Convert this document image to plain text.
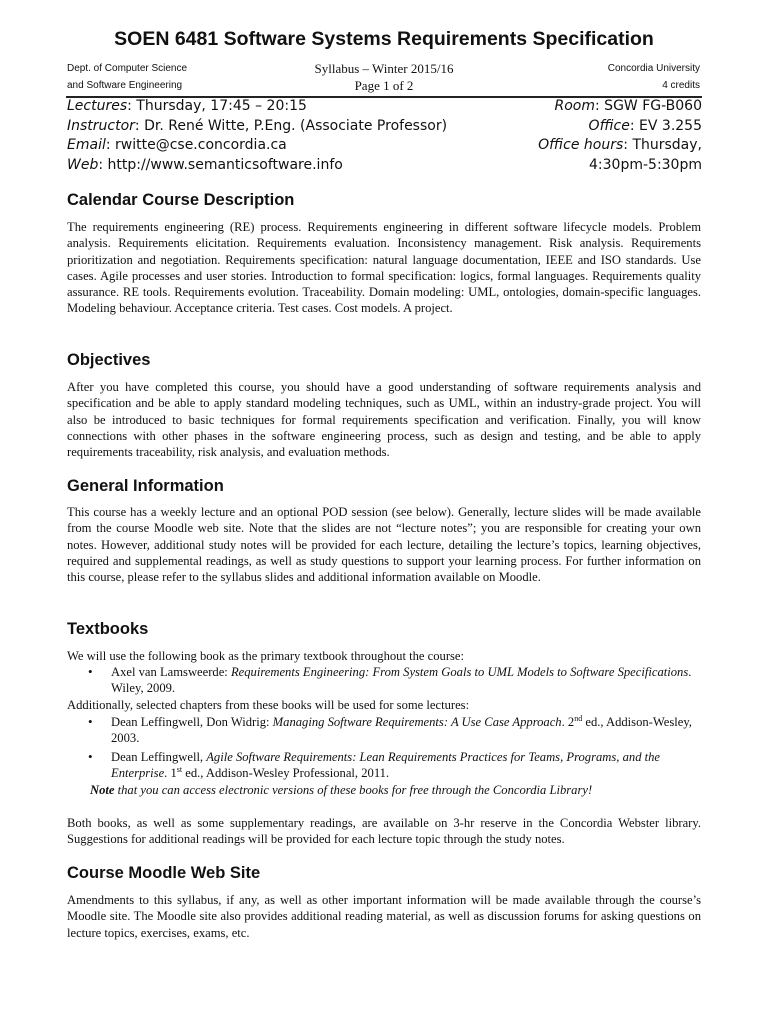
SOEN 6481 Software Systems Requirements Specification
Dept. of Computer Science
and Software Engineering
Syllabus – Winter 2015/16
Page 1 of 2
Concordia University
4 credits
Lectures: Thursday, 17:45 – 20:15	Room: SGW FG-B060
Instructor: Dr. René Witte, P.Eng. (Associate Professor)	Office: EV 3.255
Email: rwitte@cse.concordia.ca	Office hours: Thursday,
Web: http://www.semanticsoftware.info	4:30pm-5:30pm
Calendar Course Description
The requirements engineering (RE) process. Requirements engineering in different software lifecycle models. Problem analysis. Requirements elicitation. Requirements evaluation. Inconsistency management. Risk analysis. Requirements prioritization and negotiation. Requirements specification: natural language documentation, IEEE and ISO standards. Use cases. Agile processes and user stories. Introduction to formal specification: logics, formal languages. Requirements quality assurance. RE tools. Requirements evolution. Traceability. Domain modeling: UML, ontologies, domain-specific languages. Modeling behaviour. Acceptance criteria. Test cases. Cost models. A project.
Objectives
After you have completed this course, you should have a good understanding of software requirements analysis and specification and be able to apply standard modeling techniques, such as UML, within an industry-grade project. You will also be introduced to basic techniques for formal requirements specification and verification. Finally, you will know connections with other phases in the software engineering process, such as design and testing, and be able to apply requirements traceability, risk analysis, and evaluation methods.
General Information
This course has a weekly lecture and an optional POD session (see below). Generally, lecture slides will be made available from the course Moodle web site. Note that the slides are not “lecture notes”; you are responsible for creating your own notes. However, additional study notes will be provided for each lecture, detailing the lecture’s topics, learning objectives, required and supplemental readings, as well as study questions to support your learning process. For further information on this course, please refer to the syllabus slides and additional information available on Moodle.
Textbooks
We will use the following book as the primary textbook throughout the course:
•	Axel van Lamsweerde: Requirements Engineering: From System Goals to UML Models to Software Specifications. Wiley, 2009.
Additionally, selected chapters from these books will be used for some lectures:
•	Dean Leffingwell, Don Widrig: Managing Software Requirements: A Use Case Approach. 2nd ed., Addison-Wesley, 2003.
•	Dean Leffingwell, Agile Software Requirements: Lean Requirements Practices for Teams, Programs, and the Enterprise. 1st ed., Addison-Wesley Professional, 2011.
Note that you can access electronic versions of these books for free through the Concordia Library!
Both books, as well as some supplementary readings, are available on 3-hr reserve in the Concordia Webster library. Suggestions for additional readings will be provided for each lecture topic through the study notes.
Course Moodle Web Site
Amendments to this syllabus, if any, as well as other important information will be made available through the course’s Moodle site. The Moodle site also provides additional reading material, as well as discussion forums for asking questions on lecture topics, exercises, exams, etc.
